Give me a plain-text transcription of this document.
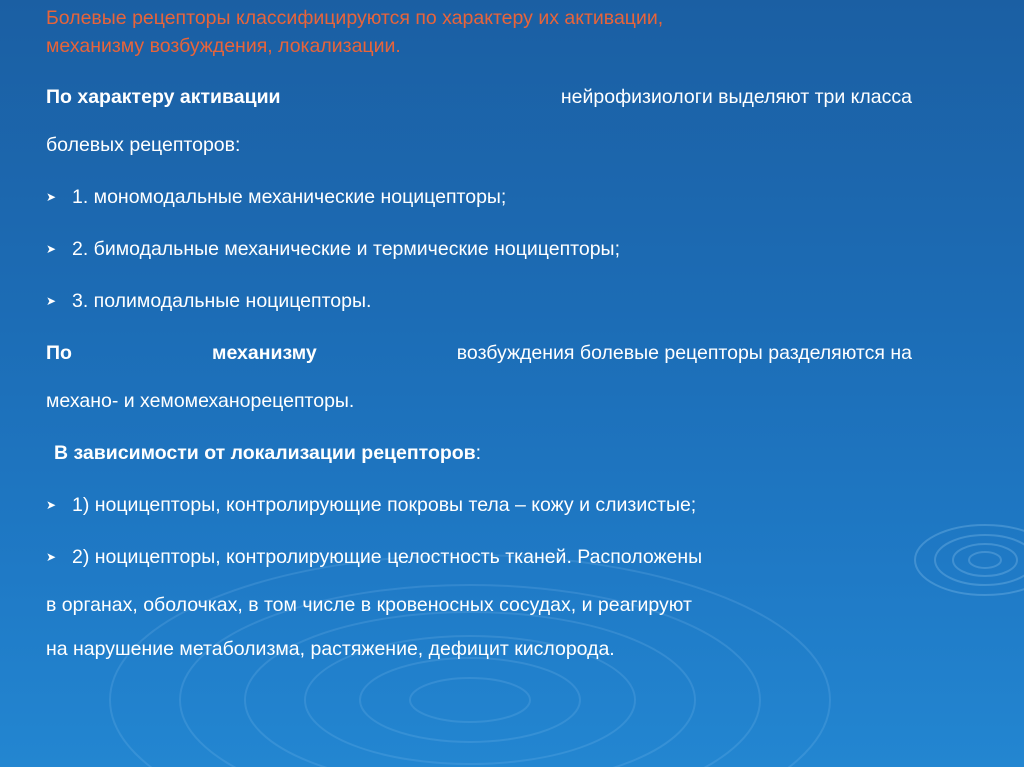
Болевые рецепторы классифицируются по характеру их активации,
механизму возбуждения, локализации.
По характеру активации	нейрофизиологи выделяют три класса
болевых рецепторов:
➤ 1. мономодальные механические ноцицепторы;
➤ 2. бимодальные механические и термические ноцицепторы;
➤ 3. полимодальные ноцицепторы.
По	механизму	возбуждения болевые рецепторы разделяются на
механо- и хемомеханорецепторы.
В зависимости от локализации рецепторов:
➤ 1) ноцицепторы, контролирующие покровы тела – кожу и слизистые;
➤ 2) ноцицепторы, контролирующие целостность тканей. Расположены
в органах, оболочках, в том числе в кровеносных сосудах, и реагируют
на нарушение метаболизма, растяжение, дефицит кислорода.
